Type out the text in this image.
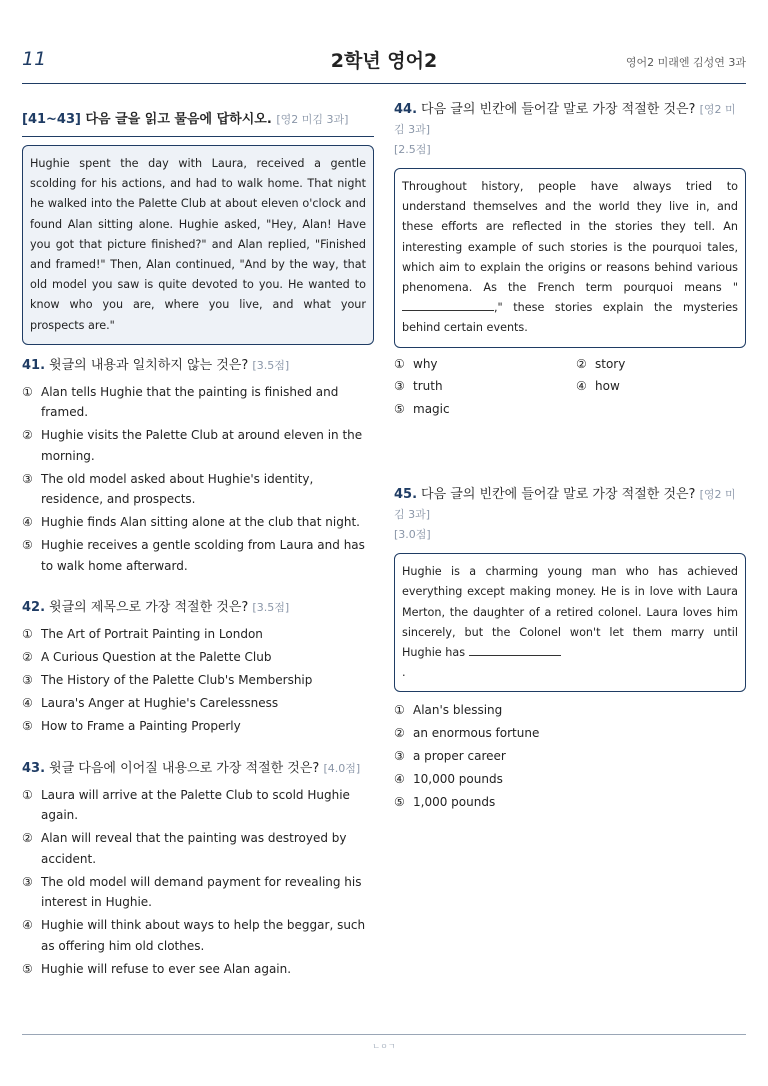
11	2학년 영어2	영어2 미래엔 김성연 3과
[41~43] 다음 글을 읽고 물음에 답하시오. [영2 미김 3과]
Hughie spent the day with Laura, received a gentle scolding for his actions, and had to walk home. That night he walked into the Palette Club at about eleven o'clock and found Alan sitting alone. Hughie asked, "Hey, Alan! Have you got that picture finished?" and Alan replied, "Finished and framed!" Then, Alan continued, "And by the way, that old model you saw is quite devoted to you. He wanted to know who you are, where you live, and what your prospects are."
41. 윗글의 내용과 일치하지 않는 것은? [3.5점]
① Alan tells Hughie that the painting is finished and framed.
② Hughie visits the Palette Club at around eleven in the morning.
③ The old model asked about Hughie's identity, residence, and prospects.
④ Hughie finds Alan sitting alone at the club that night.
⑤ Hughie receives a gentle scolding from Laura and has to walk home afterward.
42. 윗글의 제목으로 가장 적절한 것은? [3.5점]
① The Art of Portrait Painting in London
② A Curious Question at the Palette Club
③ The History of the Palette Club's Membership
④ Laura's Anger at Hughie's Carelessness
⑤ How to Frame a Painting Properly
43. 윗글 다음에 이어질 내용으로 가장 적절한 것은? [4.0점]
① Laura will arrive at the Palette Club to scold Hughie again.
② Alan will reveal that the painting was destroyed by accident.
③ The old model will demand payment for revealing his interest in Hughie.
④ Hughie will think about ways to help the beggar, such as offering him old clothes.
⑤ Hughie will refuse to ever see Alan again.
44. 다음 글의 빈칸에 들어갈 말로 가장 적절한 것은? [영2 미김 3과]
[2.5점]
Throughout history, people have always tried to understand themselves and the world they live in, and these efforts are reflected in the stories they tell. An interesting example of such stories is the pourquoi tales, which aim to explain the origins or reasons behind various phenomena. As the French term pourquoi means "," these stories explain the mysteries behind certain events.
① why	② story
③ truth	④ how
⑤ magic
45. 다음 글의 빈칸에 들어갈 말로 가장 적절한 것은? [영2 미김 3과]
[3.0점]
Hughie is a charming young man who has achieved everything except making money. He is in love with Laura Merton, the daughter of a retired colonel. Laura loves him sincerely, but the Colonel won't let them marry until Hughie has
.
① Alan's blessing
② an enormous fortune
③ a proper career
④ 10,000 pounds
⑤ 1,000 pounds
ㄴㅇㄱ
